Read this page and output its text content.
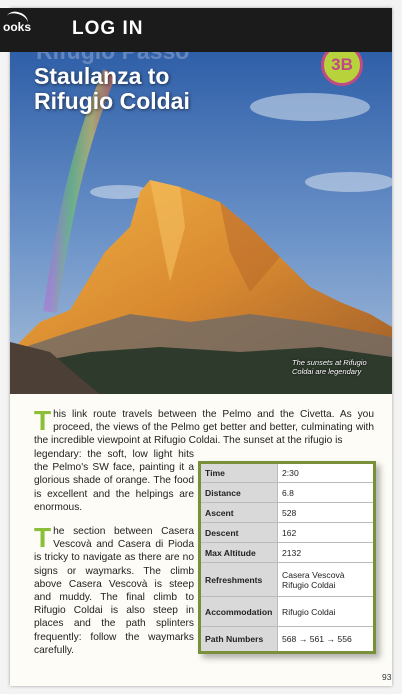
Staulanza to
Rifugio Coldai
3B
The sunsets at Rifugio
Coldai are legendary
This link route travels between the Pelmo and the Civetta. As you proceed, the views of the Pelmo get better and better, culminating with the incredible viewpoint at Rifugio Coldai. The sunset at the rifugio is
legendary: the soft, low light hits the Pelmo's SW face, painting it a glorious shade of orange. The food is excellent and the helpings are enormous.
The section between Casera Vescovà and Casera di Pioda is tricky to navigate as there are no signs or waymarks. The climb above Casera Vescovà is steep and muddy. The final climb to Rifugio Coldai is also steep in places and the path splinters frequently: follow the waymarks carefully.
Time	2:30
Distance	6.8
Ascent	528
Descent	162
Max Altitude	2132
Refreshments	Casera Vescovà Rifugio Coldai
Accommodation	Rifugio Coldai
Path Numbers	568 → 561 → 556
93
ooks LOG IN
